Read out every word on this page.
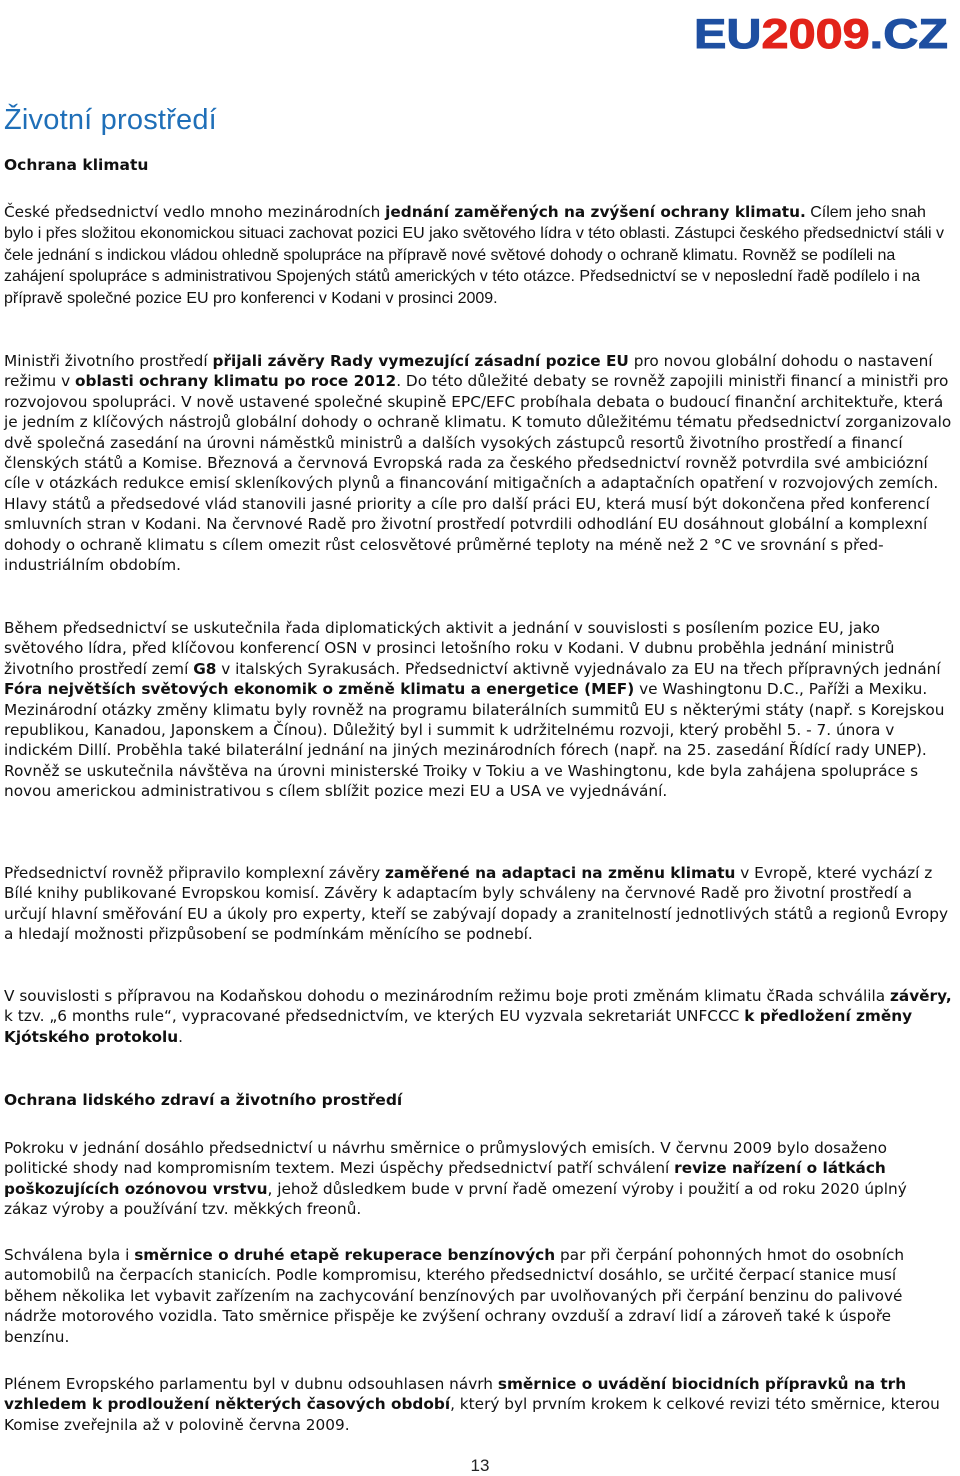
EU 2009 .CZ
Životní prostředí
Ochrana klimatu

České předsednictví vedlo mnoho mezinárodních jednání zaměřených na zvýšení ochrany klimatu. Cílem jeho snah bylo i přes složitou ekonomickou situaci zachovat pozici EU jako světového lídra v této oblasti. Zástupci českého předsednictví stáli v čele jednání s indickou vládou ohledně spolupráce na přípravě nové světové dohody o ochraně klimatu. Rovněž se podíleli na zahájení spolupráce s administrativou Spojených států amerických v této otázce. Předsednictví se v neposlední řadě podílelo i na přípravě společné pozice EU pro konferenci v Kodani v prosinci 2009.

Ministři životního prostředí přijali závěry Rady vymezující zásadní pozice EU pro novou globální dohodu o nastavení režimu v oblasti ochrany klimatu po roce 2012. Do této důležité debaty se rovněž zapojili ministři financí a ministři pro rozvojovou spolupráci. V nově ustavené společné skupině EPC/EFC probíhala debata o budoucí finanční architektuře, která je jedním z klíčových nástrojů globální dohody o ochraně klimatu. K tomuto důležitému tématu předsednictví zorganizovalo dvě společná zasedání na úrovni náměstků ministrů a dalších vysokých zástupců resortů životního prostředí a financí členských států a Komise. Březnová a červnová Evropská rada za českého předsednictví rovněž potvrdila své ambiciózní cíle v otázkách redukce emisí skleníkových plynů a financování mitigačních a adaptačních opatření v rozvojových zemích. Hlavy států a předsedové vlád stanovili jasné priority a cíle pro další práci EU, která musí být dokončena před konferencí smluvních stran v Kodani. Na červnové Radě pro životní prostředí potvrdili odhodlání EU dosáhnout globální a komplexní dohody o ochraně klimatu s cílem omezit růst celosvětové průměrné teploty na méně než 2 °C ve srovnání s před-industriálním obdobím.

Během předsednictví se uskutečnila řada diplomatických aktivit a jednání v souvislosti s posílením pozice EU, jako světového lídra, před klíčovou konferencí OSN v prosinci letošního roku v Kodani. V dubnu proběhla jednání ministrů životního prostředí zemí G8 v italských Syrakusách. Předsednictví aktivně vyjednávalo za EU na třech přípravných jednání Fóra největších světových ekonomik o změně klimatu a energetice (MEF) ve Washingtonu D.C., Paříži a Mexiku. Mezinárodní otázky změny klimatu byly rovněž na programu bilaterálních summitů EU s některými státy (např. s Korejskou republikou, Kanadou, Japonskem a Čínou). Důležitý byl i summit k udržitelnému rozvoji, který proběhl 5. - 7. února v indickém Dillí. Proběhla také bilaterální jednání na jiných mezinárodních fórech (např. na 25. zasedání Řídící rady UNEP). Rovněž se uskutečnila návštěva na úrovni ministerské Troiky v Tokiu a ve Washingtonu, kde byla zahájena spolupráce s novou americkou administrativou s cílem sblížit pozice mezi EU a USA ve vyjednávání.

Předsednictví rovněž připravilo komplexní závěry zaměřené na adaptaci na změnu klimatu v Evropě, které vychází z Bílé knihy publikované Evropskou komisí. Závěry k adaptacím byly schváleny na červnové Radě pro životní prostředí a určují hlavní směřování EU a úkoly pro experty, kteří se zabývají dopady a zranitelností jednotlivých států a regionů Evropy a hledají možnosti přizpůsobení se podmínkám měnícího se podnebí.

V souvislosti s přípravou na Kodaňskou dohodu o mezinárodním režimu boje proti změnám klimatu čRada schválila závěry, k tzv. „6 months rule“, vypracované předsednictvím, ve kterých EU vyzvala sekretariát UNFCCC k předložení změny Kjótského protokolu.

Ochrana lidského zdraví a životního prostředí

Pokroku v jednání dosáhlo předsednictví u návrhu směrnice o průmyslových emisích. V červnu 2009 bylo dosaženo politické shody nad kompromisním textem. Mezi úspěchy předsednictví patří schválení revize nařízení o látkách poškozujících ozónovou vrstvu, jehož důsledkem bude v první řadě omezení výroby i použití a od roku 2020 úplný zákaz výroby a používání tzv. měkkých freonů.

Schválena byla i směrnice o druhé etapě rekuperace benzínových par při čerpání pohonných hmot do osobních automobilů na čerpacích stanicích. Podle kompromisu, kterého předsednictví dosáhlo, se určité čerpací stanice musí během několika let vybavit zařízením na zachycování benzínových par uvolňovaných při čerpání benzinu do palivové nádrže motorového vozidla. Tato směrnice přispěje ke zvýšení ochrany ovzduší a zdraví lidí a zároveň také k úspoře benzínu.

Plénem Evropského parlamentu byl v dubnu odsouhlasen návrh směrnice o uvádění biocidních přípravků na trh vzhledem k prodloužení některých časových období, který byl prvním krokem k celkové revizi této směrnice, kterou Komise zveřejnila až v polovině června 2009.

13
